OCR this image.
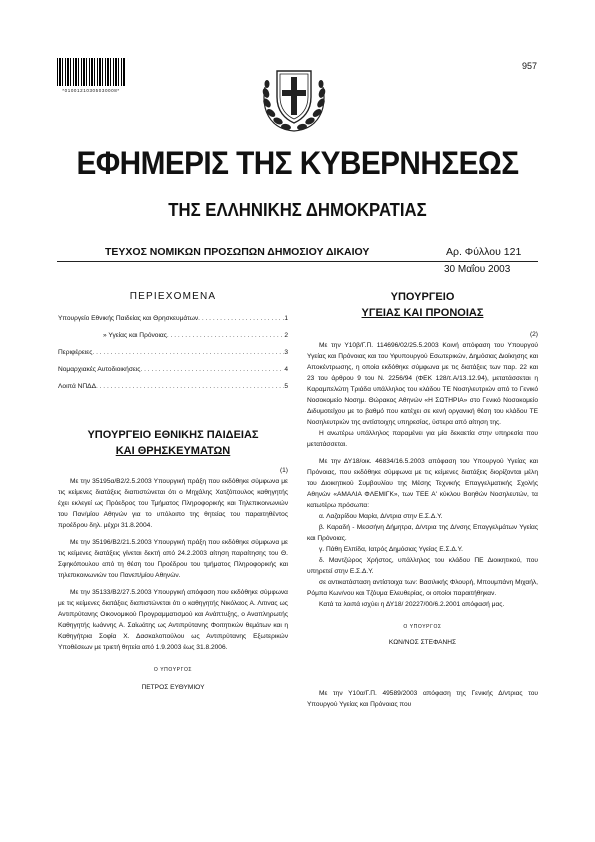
*01001210305030008*
957
ΕΦΗΜΕΡΙΣ ΤΗΣ ΚΥΒΕΡΝΗΣΕΩΣ
ΤΗΣ ΕΛΛΗΝΙΚΗΣ ΔΗΜΟΚΡΑΤΙΑΣ
ΤΕΥΧΟΣ ΝΟΜΙΚΩΝ ΠΡΟΣΩΠΩΝ ΔΗΜΟΣΙΟΥ ΔΙΚΑΙΟΥ	Αρ. Φύλλου 121
30 Μαΐου 2003
ΠΕΡΙΕΧΟΜΕΝΑ
Υπουργείο Εθνικής Παιδείας και Θρησκευμάτων . . .	1
» Υγείας και Πρόνοιας . . .	2
Περιφέρειες . . .	3
Νομαρχιακές Αυτοδιοικήσεις . . .	4
Λοιπά ΝΠΔΔ . . .	5
ΥΠΟΥΡΓΕΙΟ ΕΘΝΙΚΗΣ ΠΑΙΔΕΙΑΣ
ΚΑΙ ΘΡΗΣΚΕΥΜΑΤΩΝ

(1)

Με την 35195α/Β2/2.5.2003 Υπουργική πράξη που εκδόθηκε σύμφωνα με τις κείμενες διατάξεις διαπιστώνεται ότι ο Μηχάλης Χατζόπουλος καθηγητής έχει εκλεγεί ως Πρόεδρος του Τμήματος Πληροφορικής και Τηλεπικοινωνιών του Παν/μίου Αθηνών για το υπόλοιπο της θητείας του παραιτηθέντος προέδρου δηλ. μέχρι 31.8.2004.

Με την 35196/Β2/21.5.2003 Υπουργική πράξη που εκδόθηκε σύμφωνα με τις κείμενες διατάξεις γίνεται δεκτή από 24.2.2003 αίτηση παραίτησης του Θ. Σφηκόπουλου από τη θέση του Προέδρου του τμήματος Πληροφορικής και τηλεπικοινωνιών του Πανεπ/μίου Αθηνών.

Με την 35133/Β2/27.5.2003 Υπουργική απόφαση που εκδόθηκε σύμφωνα με τις κείμενες διατάξεις διαπιστώνεται ότι ο καθηγητής Νικόλαος Α. Λιτινας ως Αντιπρύτανης Οικονομικού Προγραμματισμού και Ανάπτυξης, ο Αναπληρωτής Καθηγητής Ιωάννης Α. Σαϊωάτης ως Αντιπρύτανης Φοιτητικών θεμάτων και η Καθηγήτρια Σοφία Χ. Δασκαλοπούλου ως Αντιπρύτανης Εξωτερικών Υποθέσεων με τριετή θητεία από 1.9.2003 έως 31.8.2006.

Ο ΥΠΟΥΡΓΟΣ
ΠΕΤΡΟΣ ΕΥΘΥΜΙΟΥ
ΥΠΟΥΡΓΕΙΟ
ΥΓΕΙΑΣ ΚΑΙ ΠΡΟΝΟΙΑΣ

(2)

Με την Υ10β/Γ.Π. 114696/02/25.5.2003 Κοινή απόφαση του Υπουργού Υγείας και Πρόνοιας και του Υφυπουργού Εσωτερικών, Δημόσιας Διοίκησης και Αποκέντρωσης, η οποία εκδόθηκε σύμφωνα με τις διατάξεις των παρ. 22 και 23 του άρθρου 9 του Ν. 2256/94 (ΦΕΚ 128/τ.Α/13.12.94), μετατάσσεται η Καραμπελώτη Τριάδα υπάλληλος του κλάδου ΤΕ Νοσηλευτριών από το Γενικό Νοσοκομείο Νοσημ. Θώρακος Αθηνών «Η ΣΩΤΗΡΙΑ» στο Γενικό Νοσοκομείο Διδυμοτείχου με το βαθμό που κατέχει σε κενή οργανική θέση του κλάδου ΤΕ Νοσηλευτριών της αντίστοιχης υπηρεσίας, ύστερα από αίτηση της.

Η ανωτέρω υπάλληλος παραμένει για μία δεκαετία στην υπηρεσία που μετατάσσεται.

Με την ΔΥ18/οικ. 46834/16.5.2003 απόφαση του Υπουργού Υγείας και Πρόνοιας, που εκδόθηκε σύμφωνα με τις κείμενες διατάξεις διορίζονται μέλη του Διοικητικού Συμβουλίου της Μέσης Τεχνικής Επαγγελματικής Σχολής Αθηνών «ΑΜΑΛΙΑ ΦΛΕΜΙΓΚ», των ΤΕΕ Α' κύκλου Βοηθών Νοσηλευτών, τα κατωτέρω πρόσωπα:

α. Λαζαρίδου Μαρία, Δ/ντρια στην Ε.Σ.Δ.Υ.

β. Καραδή - Μεσσήνη Δήμητρα, Δ/ντρια της Δ/νσης Επαγγελμάτων Υγείας και Πρόνοιας.

γ. Πάθη Ελπίδα, Ιατρός Δημόσιας Υγείας Ε.Σ.Δ.Υ.

δ. Μαντζώρος Χρήστος, υπάλληλος του κλάδου ΠΕ Διοικητικού, που υπηρετεί στην Ε.Σ.Δ.Υ.

σε αντικατάσταση αντίστοιχα των: Βασιλικής Φλουρή, Μπουμπάνη Μιχαήλ, Ρόμπα Κων/νου και Τζόυμα Ελευθερίας, οι οποίοι παραιτήθηκαν.

Κατά τα λοιπά ισχύει η ΔΥ18/ 20227/00/6.2.2001 απόφασή μας.

Ο ΥΠΟΥΡΓΟΣ
ΚΩΝ/ΝΟΣ ΣΤΕΦΑΝΗΣ

Με την Υ10α/Γ.Π. 49589/2003 απόφαση της Γενικής Δ/ντριας του Υπουργού Υγείας και Πρόνοιας που
